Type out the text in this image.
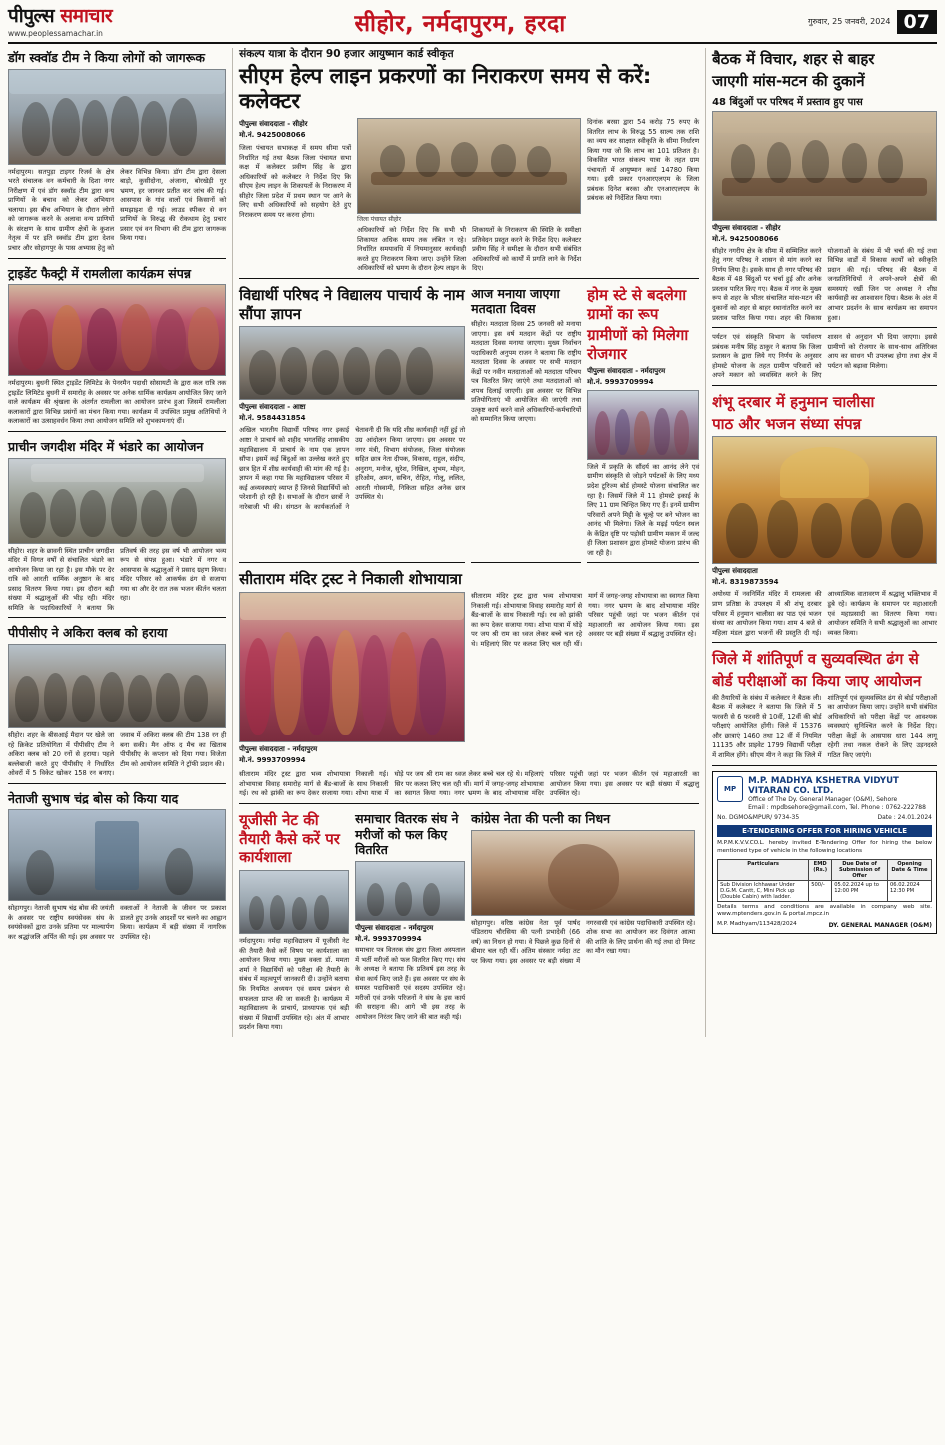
पीपुल्स समाचार
www.peoplessamachar.in	सीहोर, नर्मदापुरम, हरदा	गुरुवार, 25 जनवरी, 2024 07
डॉग स्क्वॉड टीम ने किया लोगों को जागरूक
नर्मदापुरम। सतपुड़ा टाइगर रिजर्व के क्षेत्र भरते संचालक वन कर्मचारी के दिशा नगर निरीक्षण में एवं डॉग स्क्वॉड टीम द्वारा वन्य प्राणियों के बचाव को लेकर अभियान चलाया। इस बीच अभियान के दौरान लोगों को जागरूक करने के अलावा वन्य प्राणियों के संरक्षण के साथ ग्रामीण क्षेत्रों के कुशल नेतृत्व में पर इति स्क्वॉड टीम द्वारा देशव प्रचार और सोहागपुर के पास अभ्यास हेतु को लेकर विभिन्न किया। डॉग टीम द्वारा देसला बाड़ो, कुसीदोना, अंजाना, बोरखेड़ी गुर भ्रमण, हर जानवर प्रतीत कर जांच की गई। आसपास के गांव वालों एवं किसानों को समझाइश दी गई। लाउड स्पीकर से वन प्राणियों के विरुद्ध की रोकथाम हेतु प्रचार प्रसार एवं वन विभाग की टीम द्वारा जागरूक किया गया।
ट्राइडेंट फैक्ट्री में रामलीला कार्यक्रम संपन्न
नर्मदापुरम। बुधनी स्थित ट्राइडेंट लिमिटेड के पेनरमैन पदाधी सोसायटी के द्वारा कल रात्रि तक ट्राइडेंट लिमिटेड बुधनी में समारोह के अवसर पर अनेक धार्मिक कार्यक्रम आयोजित किए जाने वाले कार्यक्रम की श्रृंखला के अंतर्गत रामलीला का आयोजन प्रारंभ हुआ जिसमें रामलीला कलाकारों द्वारा विभिन्न प्रसंगों का मंचन किया गया। कार्यक्रम में उपस्थित प्रमुख अतिथियों ने कलाकारों का उत्साहवर्धन किया तथा आयोजन समिति को शुभकामनाएं दीं।
प्राचीन जगदीश मंदिर में भंडारे का आयोजन
सीहोर। शहर के छावनी स्थित प्राचीन जगदीश मंदिर में विगत वर्षों से संचालित भंडारे का आयोजन किया जा रहा है। इस मौके पर देर रात्रि को आरती धार्मिक अनुष्ठान के बाद प्रसाद वितरण किया गया। इस दौरान बड़ी संख्या में श्रद्धालुओं की भीड़ रही। मंदिर समिति के पदाधिकारियों ने बताया कि प्रतिवर्ष की तरह इस वर्ष भी आयोजन भव्य रूप से संपन्न हुआ। भंडारे में नगर व आसपास के श्रद्धालुओं ने प्रसाद ग्रहण किया। मंदिर परिसर को आकर्षक ढंग से सजाया गया था और देर रात तक भजन कीर्तन चलता रहा।
पीपीसीए ने अकिरा क्लब को हराया
सीहोर। शहर के बीसआई मैदान पर खेले जा रहे क्रिकेट प्रतियोगिता में पीपीसीए टीम ने अकिरा क्लब को 20 रनों से हराया। पहले बल्लेबाजी करते हुए पीपीसीए ने निर्धारित ओवरों में 5 विकेट खोकर 158 रन बनाए। जवाब में अकिरा क्लब की टीम 138 रन ही बना सकी। मैन ऑफ द मैच का खिताब पीपीसीए के कप्तान को दिया गया। विजेता टीम को आयोजन समिति ने ट्रॉफी प्रदान की।
नेताजी सुभाष चंद्र बोस को किया याद
सोहागपुर। नेताजी सुभाष चंद्र बोस की जयंती के अवसर पर राष्ट्रीय स्वयंसेवक संघ के स्वयंसेवकों द्वारा उनके प्रतिमा पर माल्यार्पण कर श्रद्धांजलि अर्पित की गई। इस अवसर पर वक्ताओं ने नेताजी के जीवन पर प्रकाश डालते हुए उनके आदर्शों पर चलने का आह्वान किया। कार्यक्रम में बड़ी संख्या में नागरिक उपस्थित रहे।
संकल्प यात्रा के दौरान 90 हजार आयुष्मान कार्ड स्वीकृत
सीएम हेल्प लाइन प्रकरणों का निराकरण समय से करें: कलेक्टर
पीपुल्स संवाददाता - सीहोर
मो.नं. 9425008066
जिला पंचायत सभाकक्ष में समय सीमा पत्रों निर्धारित गई तथा बैठक जिला पंचायत सभा कक्ष में कलेक्टर प्रवीण सिंह के द्वारा अधिकारियों को कलेक्टर ने निर्देश दिए कि सीएम हेल्प लाइन के शिकायतों के निराकरण में सीहोर जिला प्रदेश में प्रथम स्थान पर आने के लिए सभी अधिकारियों को सहयोग देते हुए निराकरण समय पर करना होगा।
जिला पंचायत सीहोर
अधिकारियों को निर्देश दिए कि सभी भी शिकायत अधिक समय तक लंबित न रहे। निर्धारित समयावधि में नियमानुसार कार्यवाही करते हुए निराकरण किया जाए। उन्होंने जिला अधिकारियों को भ्रमण के दौरान हेल्प लाइन के शिकायतों के निराकरण की स्थिति के समीक्षा प्रतिवेदन प्रस्तुत करने के निर्देश दिए। कलेक्टर प्रवीण सिंह ने समीक्षा के दौरान सभी संबंधित अधिकारियों को कार्यों में प्रगति लाने के निर्देश दिए।
दिनांक बरसा द्वारा 54 करोड़ 75 रुपए के वितरित लाभ के विरुद्ध 55 साल्य तक राशि का व्यय कर साक्षात स्वीकृति के सीमा निर्धारण किया गया जो कि लाभ का 101 प्रतिशत है। विकसित भारत संकल्प यात्रा के तहत ग्राम पंचायतों में आयुष्मान कार्ड 14780 किया गया। इसी प्रकार एनआरएलएम के जिला प्रबंधक दिनेश बरका और एनआरएलएम के प्रबंधक को निर्देशित किया गया।
विद्यार्थी परिषद ने विद्यालय पाचार्य के नाम सौंपा ज्ञापन
पीपुल्स संवाददाता - आष्टा
मो.नं. 9584431854
अखिल भारतीय विद्यार्थी परिषद नगर इकाई आष्टा ने प्राचार्य को शहीद भगतसिंह शासकीय महाविद्यालय में प्राचार्य के नाम एक ज्ञापन सौंपा। इसमें कई बिंदुओं का उल्लेख करते हुए छात्र हित में शीघ्र कार्यवाही की मांग की गई है। ज्ञापन में कहा गया कि महाविद्यालय परिसर में कई अव्यवस्थाएं व्याप्त हैं जिनसे विद्यार्थियों को परेशानी हो रही है। सभाओं के दौरान छात्रों ने नारेबाजी भी की। संगठन के कार्यकर्ताओं ने चेतावनी दी कि यदि शीघ्र कार्यवाही नहीं हुई तो उग्र आंदोलन किया जाएगा। इस अवसर पर नगर मंत्री, विभाग संयोजक, जिला संयोजक सहित छात्र नेता दीपक, विकास, राहुल, संदीप, अनुराग, मनोज, सुरेश, निखिल, शुभम, मोहन, हरिओम, अमन, सचिन, रोहित, गोलू, ललित, आरती गोस्वामी, निकिता सहित अनेक छात्र उपस्थित थे।
आज मनाया जाएगा मतदाता दिवस
सीहोर। मतदाता दिवस 25 जनवरी को मनाया जाएगा। इस वर्ष मतदान केंद्रों पर राष्ट्रीय मतदाता दिवस मनाया जाएगा। मुख्य निर्वाचन पदाधिकारी अनुपम राजन ने बताया कि राष्ट्रीय मतदाता दिवस के अवसर पर सभी मतदान केंद्रों पर नवीन मतदाताओं को मतदाता परिचय पत्र वितरित किए जाएंगे तथा मतदाताओं को शपथ दिलाई जाएगी। इस अवसर पर विभिन्न प्रतियोगिताएं भी आयोजित की जाएंगी तथा उत्कृष्ट कार्य करने वाले अधिकारियों-कर्मचारियों को सम्मानित किया जाएगा।
होम स्टे से बदलेगा ग्रामों का रूप
ग्रामीणों को मिलेगा रोजगार
पीपुल्स संवाददाता - नर्मदापुरम
मो.नं. 9993709994
जिले में प्रकृति के सौंदर्य का आनंद लेने एवं ग्रामीण संस्कृति से जोड़ने पर्यटकों के लिए मध्य प्रदेश टूरिज्म बोर्ड होमस्टे योजना संचालित कर रहा है। जिसमें जिले में 11 होमस्टे इकाई के लिए 11 ग्राम चिन्हित किए गए हैं। इनमें ग्रामीण परिवारों अपने मिट्टी के चूल्हे पर बने भोजन का आनंद भी मिलेगा। जिले के मढ़ई पर्यटन स्थल के केंद्रित दृष्टि पर पड़ोसी ग्रामीण मकान में जल्द ही जिला प्रशासन द्वारा होमस्टे योजना प्रारंभ की जा रही है।
सीताराम मंदिर ट्रस्ट ने निकाली शोभायात्रा
पीपुल्स संवाददाता - नर्मदापुरम
मो.नं. 9993709994
सीताराम मंदिर ट्रस्ट द्वारा भव्य शोभायात्रा निकाली गई। शोभायात्रा विवाह समारोह मार्ग से बैंड-बाजों के साथ निकाली गई। रथ को झांकी का रूप देकर सजाया गया। शोभा यात्रा में घोड़े पर जय श्री राम का ध्वज लेकर बच्चे चल रहे थे। महिलाएं सिर पर कलश लिए चल रही थीं। मार्ग में जगह-जगह शोभायात्रा का स्वागत किया गया। नगर भ्रमण के बाद शोभायात्रा मंदिर परिसर पहुंची जहां पर भजन कीर्तन एवं महाआरती का आयोजन किया गया। इस अवसर पर बड़ी संख्या में श्रद्धालु उपस्थित रहे।
सीताराम मंदिर ट्रस्ट द्वारा भव्य शोभायात्रा निकाली गई। शोभायात्रा विवाह समारोह मार्ग से बैंड-बाजों के साथ निकाली गई। रथ को झांकी का रूप देकर सजाया गया। शोभा यात्रा में घोड़े पर जय श्री राम का ध्वज लेकर बच्चे चल रहे थे। महिलाएं सिर पर कलश लिए चल रही थीं। मार्ग में जगह-जगह शोभायात्रा का स्वागत किया गया। नगर भ्रमण के बाद शोभायात्रा मंदिर परिसर पहुंची जहां पर भजन कीर्तन एवं महाआरती का आयोजन किया गया। इस अवसर पर बड़ी संख्या में श्रद्धालु उपस्थित रहे।
यूजीसी नेट की तैयारी कैसे करें पर कार्यशाला
नर्मदापुरम। नर्मदा महाविद्यालय में यूजीसी नेट की तैयारी कैसे करें विषय पर कार्यशाला का आयोजन किया गया। मुख्य वक्ता डॉ. ममता शर्मा ने विद्यार्थियों को परीक्षा की तैयारी के संबंध में महत्वपूर्ण जानकारी दी। उन्होंने बताया कि नियमित अध्ययन एवं समय प्रबंधन से सफलता प्राप्त की जा सकती है। कार्यक्रम में महाविद्यालय के प्राचार्य, प्राध्यापक एवं बड़ी संख्या में विद्यार्थी उपस्थित रहे। अंत में आभार प्रदर्शन किया गया।
समाचार वितरक संघ ने मरीजों को फल किए वितरित
पीपुल्स संवाददाता - नर्मदापुरम
मो.नं. 9993709994
समाचार पत्र वितरक संघ द्वारा जिला अस्पताल में भर्ती मरीजों को फल वितरित किए गए। संघ के अध्यक्ष ने बताया कि प्रतिवर्ष इस तरह के सेवा कार्य किए जाते हैं। इस अवसर पर संघ के समस्त पदाधिकारी एवं सदस्य उपस्थित रहे। मरीजों एवं उनके परिजनों ने संघ के इस कार्य की सराहना की। आगे भी इस तरह के आयोजन निरंतर किए जाने की बात कही गई।
कांग्रेस नेता की पत्नी का निधन
सोहागपुर। वरिष्ठ कांग्रेस नेता पूर्व पार्षद पंडितराय चौरसिया की पत्नी प्रभादेवी (66 वर्ष) का निधन हो गया। वे पिछले कुछ दिनों से बीमार चल रही थीं। अंतिम संस्कार नर्मदा तट पर किया गया। इस अवसर पर बड़ी संख्या में नगरवासी एवं कांग्रेस पदाधिकारी उपस्थित रहे। शोक सभा का आयोजन कर दिवंगत आत्मा की शांति के लिए प्रार्थना की गई तथा दो मिनट का मौन रखा गया।
बैठक में विचार, शहर से बाहर
जाएगी मांस-मटन की दुकानें
48 बिंदुओं पर परिषद में प्रस्ताव हुए पास
पीपुल्स संवाददाता - सीहोर
मो.नं. 9425008066
सीहोर नगरीय क्षेत्र के सीमा में सम्मिलित करने हेतु नगर परिषद ने शासन से मांग करने का निर्णय लिया है। इसके साथ ही नगर परिषद की बैठक में 48 बिंदुओं पर चर्चा हुई और अनेक प्रस्ताव पारित किए गए। बैठक में नगर के मुख्य रूप से शहर के भीतर संचालित मांस-मटन की दुकानों को शहर से बाहर स्थानांतरित करने का प्रस्ताव पारित किया गया। शहर की विकास योजनाओं के संबंध में भी चर्चा की गई तथा विभिन्न वार्डों में विकास कार्यों को स्वीकृति प्रदान की गई। परिषद की बैठक में जनप्रतिनिधियों ने अपने-अपने क्षेत्रों की समस्याएं रखीं जिन पर अध्यक्ष ने शीघ्र कार्यवाही का आश्वासन दिया। बैठक के अंत में आभार प्रदर्शन के साथ कार्यक्रम का समापन हुआ।
पर्यटन एवं संस्कृति विभाग के पर्यावरण प्रबंधक मनीष सिंह ठाकुर ने बताया कि जिला प्रशासन के द्वारा लिये गए निर्णय के अनुसार होमस्टे योजना के तहत ग्रामीण परिवारों को अपने मकान को व्यवस्थित करने के लिए शासन से अनुदान भी दिया जाएगा। इससे ग्रामीणों को रोजगार के साथ-साथ अतिरिक्त आय का साधन भी उपलब्ध होगा तथा क्षेत्र में पर्यटन को बढ़ावा मिलेगा।
शंभू दरबार में हनुमान चालीसा
पाठ और भजन संध्या संपन्न
पीपुल्स संवाददाता
मो.नं. 8319873594
अयोध्या में नवनिर्मित मंदिर में रामलला की प्राण प्रतिष्ठा के उपलक्ष्य में श्री शंभू दरबार परिसर में हनुमान चालीसा का पाठ एवं भजन संध्या का आयोजन किया गया। शाम 4 बजे से महिला मंडल द्वारा भजनों की प्रस्तुति दी गई। आध्यात्मिक वातावरण में श्रद्धालु भक्तिभाव में डूबे रहे। कार्यक्रम के समापन पर महाआरती एवं महाप्रसादी का वितरण किया गया। आयोजन समिति ने सभी श्रद्धालुओं का आभार व्यक्त किया।
जिले में शांतिपूर्ण व सुव्यवस्थित ढंग से
बोर्ड परीक्षाओं का किया जाए आयोजन
की तैयारियों के संबंध में कलेक्टर ने बैठक ली। बैठक में कलेक्टर ने बताया कि जिले में 5 फरवरी से 6 फरवरी से 10वीं, 12वीं की बोर्ड परीक्षाएं आयोजित होंगी। जिले में 15376 और छात्राएं 1460 तथा 12 वीं में नियमित 11135 और प्राइवेट 1799 विद्यार्थी परीक्षा में शामिल होंगे। सीएम मीन ने कहा कि जिले में शांतिपूर्ण एवं सुव्यवस्थित ढंग से बोर्ड परीक्षाओं का आयोजन किया जाए। उन्होंने सभी संबंधित अधिकारियों को परीक्षा केंद्रों पर आवश्यक व्यवस्थाएं सुनिश्चित करने के निर्देश दिए। परीक्षा केंद्रों के आसपास धारा 144 लागू रहेगी तथा नकल रोकने के लिए उड़नदस्ते गठित किए जाएंगे।
MP
M.P. MADHYA KSHETRA VIDYUT VITARAN CO. LTD.
Office of The Dy. General Manager (O&M), Sehore
Email : mpdbsehore@gmail.com, Tel. Phone : 0762-222788
No. DGMO&MPUR/ 9734-35	Date : 24.01.2024
E-TENDERING OFFER FOR HIRING VEHICLE
M.P.M.K.V.V.CO.L. hereby invited E-Tendering Offer for hiring the below mentioned type of vehicle in the following locations
Particulars	EMD (Rs.)	Due Date of Submission of Offer	Opening Date & Time
Sub Division Ichhawar Under D.G.M. Cantt, C, Mini Pick up (Double Cabin) with ladder.	500/-	05.02.2024 up to 12:00 PM	06.02.2024 12:30 PM
Details terms and conditions are available in company web site. www.mptenders.gov.in & portal.mpcz.in
M.P. Madhyam/113428/2024	DY. GENERAL MANAGER (O&M)
